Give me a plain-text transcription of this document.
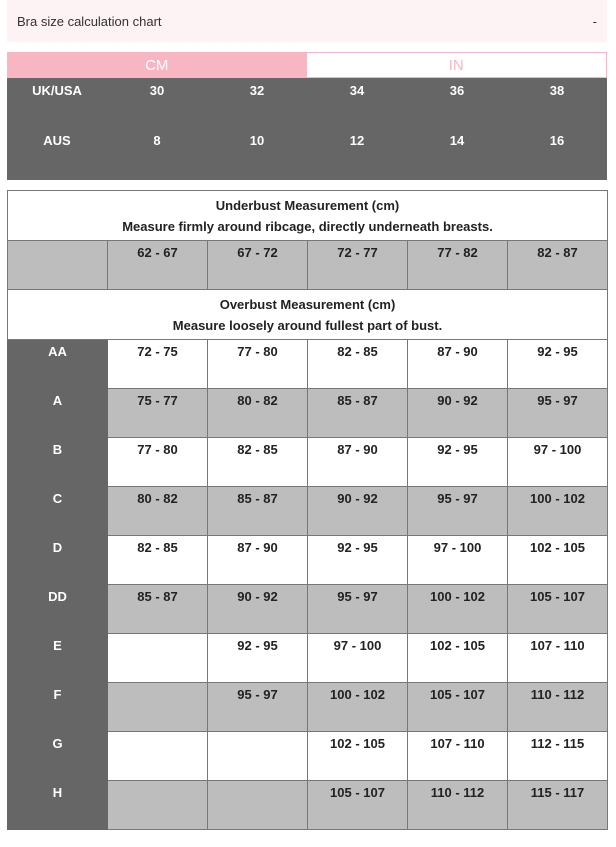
Bra size calculation chart	-
CM	IN
UK/USA	30	32	34	36	38
AUS	8	10	12	14	16
Underbust Measurement (cm)
Measure firmly around ribcage, directly underneath breasts.					

	62 - 67	67 - 72	72 - 77	77 - 82	82 - 87

Overbust Measurement (cm)
Measure loosely around fullest part of bust.					

AA	72 - 75	77 - 80	82 - 85	87 - 90	92 - 95
A	75 - 77	80 - 82	85 - 87	90 - 92	95 - 97
B	77 - 80	82 - 85	87 - 90	92 - 95	97 - 100
C	80 - 82	85 - 87	90 - 92	95 - 97	100 - 102
D	82 - 85	87 - 90	92 - 95	97 - 100	102 - 105
DD	85 - 87	90 - 92	95 - 97	100 - 102	105 - 107
E		92 - 95	97 - 100	102 - 105	107 - 110
F		95 - 97	100 - 102	105 - 107	110 - 112
G			102 - 105	107 - 110	112 - 115
H			105 - 107	110 - 112	115 - 117
